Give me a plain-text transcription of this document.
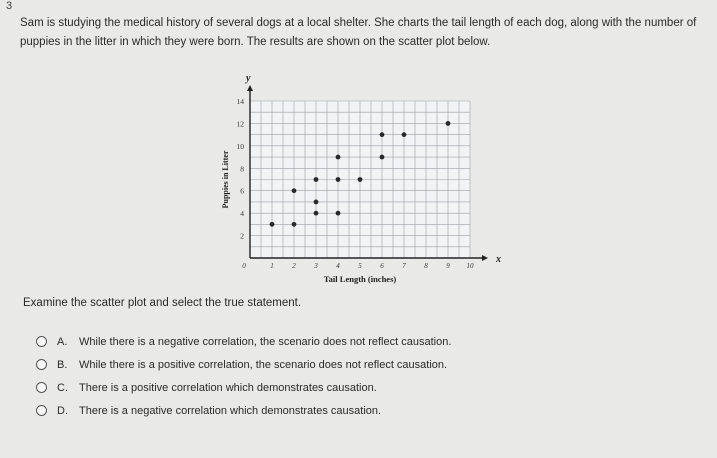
3
Sam is studying the medical history of several dogs at a local shelter. She charts the tail length of each dog, along with the number of puppies in the litter in which they were born. The results are shown on the scatter plot below.
0	1	2	3	4	5	6	7	8	9 10
2
4
6
8
10
12
14
x
y
Tail Length (inches)
Puppies in Litter
Examine the scatter plot and select the true statement.
A.	While there is a negative correlation, the scenario does not reflect causation.
B.	While there is a positive correlation, the scenario does not reflect causation.
C.	There is a positive correlation which demonstrates causation.
D.	There is a negative correlation which demonstrates causation.
